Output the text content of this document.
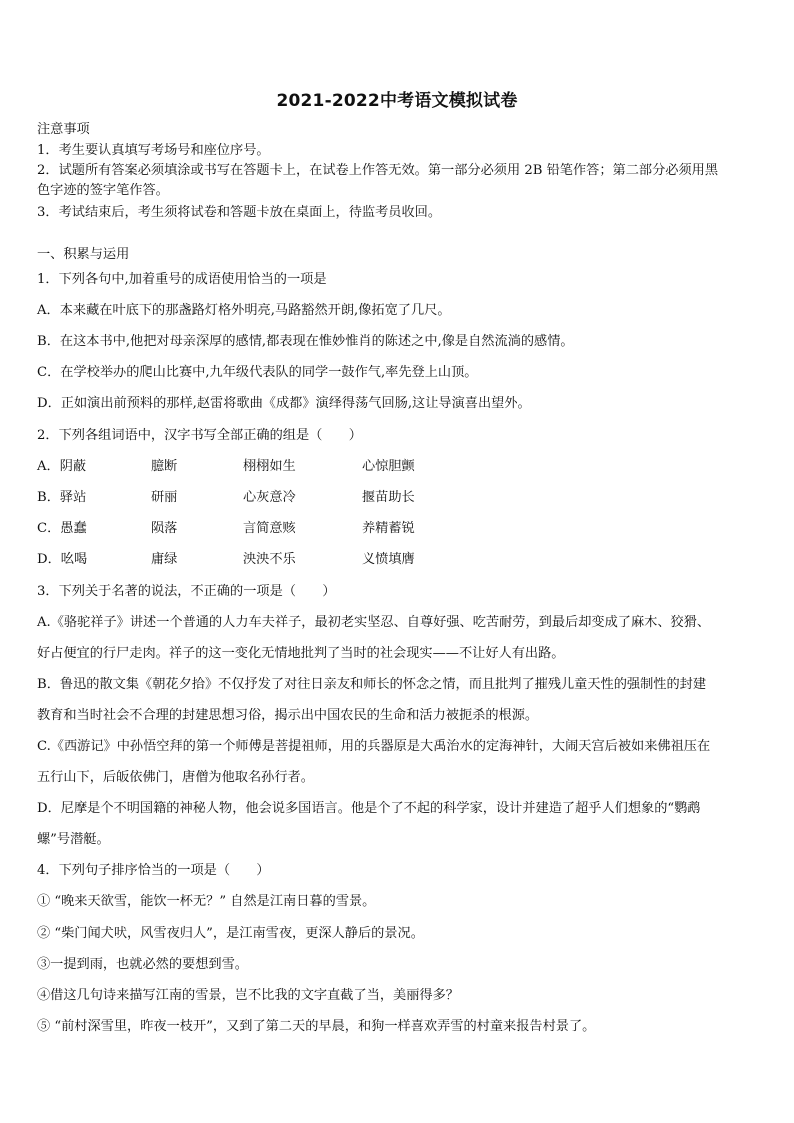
2021-2022中考语文模拟试卷
注意事项
1．考生要认真填写考场号和座位序号。
2．试题所有答案必须填涂或书写在答题卡上，在试卷上作答无效。第一部分必须用 2B 铅笔作答；第二部分必须用黑
色字迹的签字笔作答。
3．考试结束后，考生须将试卷和答题卡放在桌面上，待监考员收回。
一、积累与运用
1．下列各句中,加着重号的成语使用恰当的一项是
A．本来藏在叶底下的那盏路灯格外明亮,马路豁然开朗,像拓宽了几尺。
B．在这本书中,他把对母亲深厚的感情,都表现在惟妙惟肖的陈述之中,像是自然流淌的感情。
C．在学校举办的爬山比赛中,九年级代表队的同学一鼓作气,率先登上山顶。
D．正如演出前预料的那样,赵雷将歌曲《成都》演绎得荡气回肠,这让导演喜出望外。
2．下列各组词语中，汉字书写全部正确的组是（　　）
A．阴蔽	臆断	栩栩如生	心惊胆颤
B．驿站	研丽	心灰意冷	揠苗助长
C．愚蠢	陨落	言简意赅	养精蓄锐
D．吆喝	庸绿	泱泱不乐	义愤填膺
3．下列关于名著的说法，不正确的一项是（　　）
A.《骆驼祥子》讲述一个普通的人力车夫祥子，最初老实坚忍、自尊好强、吃苦耐劳，到最后却变成了麻木、狡猾、
好占便宜的行尸走肉。祥子的这一变化无情地批判了当时的社会现实——不让好人有出路。
B．鲁迅的散文集《朝花夕拾》不仅抒发了对往日亲友和师长的怀念之情，而且批判了摧残儿童天性的强制性的封建
教育和当时社会不合理的封建思想习俗，揭示出中国农民的生命和活力被扼杀的根源。
C.《西游记》中孙悟空拜的第一个师傅是菩提祖师，用的兵器原是大禹治水的定海神针，大闹天宫后被如来佛祖压在
五行山下，后皈依佛门，唐僧为他取名孙行者。
D．尼摩是个不明国籍的神秘人物，他会说多国语言。他是个了不起的科学家，设计并建造了超乎人们想象的“鹦鹉
螺”号潜艇。
4．下列句子排序恰当的一项是（　　）
① “晚来天欲雪，能饮一杯无？” 自然是江南日暮的雪景。
② “柴门闻犬吠，风雪夜归人”，是江南雪夜，更深人静后的景况。
③一提到雨，也就必然的要想到雪。
④借这几句诗来描写江南的雪景，岂不比我的文字直截了当，美丽得多？
⑤ “前村深雪里，昨夜一枝开”，又到了第二天的早晨，和狗一样喜欢弄雪的村童来报告村景了。
